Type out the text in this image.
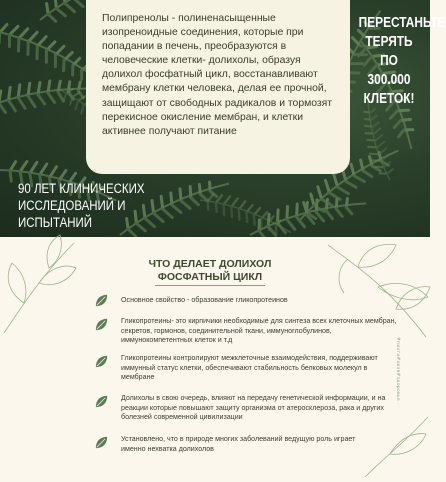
Полипренолы - полиненасыщенные изопреноидные соединения, которые при попадании в печень, преобразуются в человеческие клетки- долихолы, образуя долихол фосфатный цикл, восстанавливают мембрану клетки человека, делая ее прочной, защищают от свободных радикалов и тормозят перекисное окисление мембран, и клетки активнее получают питание

ПЕРЕСТАНЬТЕ ТЕРЯТЬ ПО 300.000 КЛЕТОК!
90 ЛЕТ КЛИНИЧЕСКИХ ИССЛЕДОВАНИЙ И ИСПЫТАНИЙ
ЧТО ДЕЛАЕТ ДОЛИХОЛ ФОСФАТНЫЙ ЦИКЛ
Основное свойство - образование гликопротеинов
Гликопротеины- это кирпичики необходимые для синтеза всех клеточных мембран, секретов, гормонов, соединительной ткани, иммуноглобулинов, иммунокомпетентных клеток и т.д
Гликопротеины контролируют межклеточные взаимодействия, поддерживают иммунный статус клетки, обеспечивают стабильность белковых молекул в мембране
Долихолы в свою очередь, влияют на передачу генетической информации, и на реакции которые повышают защиту организма от атеросклероза, рака и других болезней современной цивилизации
Установлено, что в природе многих заболеваний ведущую роль играет именно нехватка долихолов
#пихта#хвоя#здоровье
